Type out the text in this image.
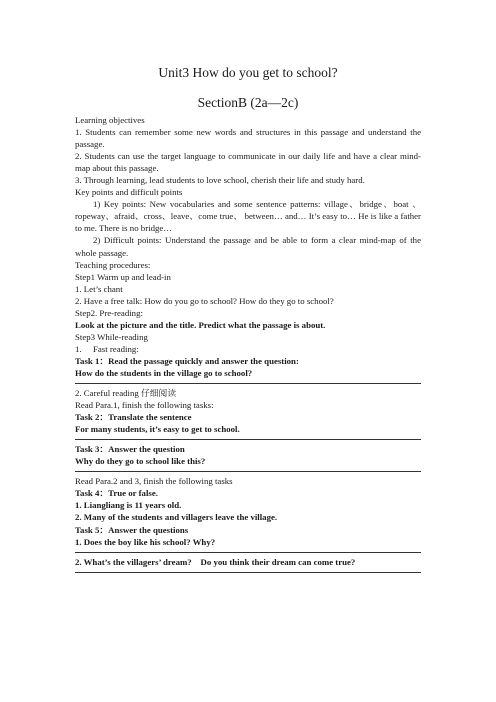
Unit3 How do you get to school?
SectionB (2a—2c)
Learning objectives
1. Students can remember some new words and structures in this passage and understand the passage.
2. Students can use the target language to communicate in our daily life and have a clear mind-map about this passage.
3. Through learning, lead students to love school, cherish their life and study hard.
Key points and difficult points
1) Key points: New vocabularies and some sentence patterns: village、bridge、boat 、ropeway、afraid、cross、leave、come true、 between… and… It’s easy to… He is like a father to me. There is no bridge…
2) Difficult points: Understand the passage and be able to form a clear mind-map of the whole passage.
Teaching procedures:
Step1 Warm up and lead-in
1. Let’s chant
2. Have a free talk: How do you go to school? How do they go to school?
Step2. Pre-reading:
Look at the picture and the title. Predict what the passage is about.
Step3 While-reading
1. Fast reading:
Task 1：Read the passage quickly and answer the question:
How do the students in the village go to school?
2. Careful reading 仔细阅读
Read Para.1, finish the following tasks:
Task 2：Translate the sentence
For many students, it’s easy to get to school.
Task 3：Answer the question
Why do they go to school like this?
Read Para.2 and 3, finish the following tasks
Task 4：True or false.
1. Liangliang is 11 years old.
2. Many of the students and villagers leave the village.
Task 5：Answer the questions
1. Does the boy like his school? Why?
2. What’s the villagers’ dream?    Do you think their dream can come true?
